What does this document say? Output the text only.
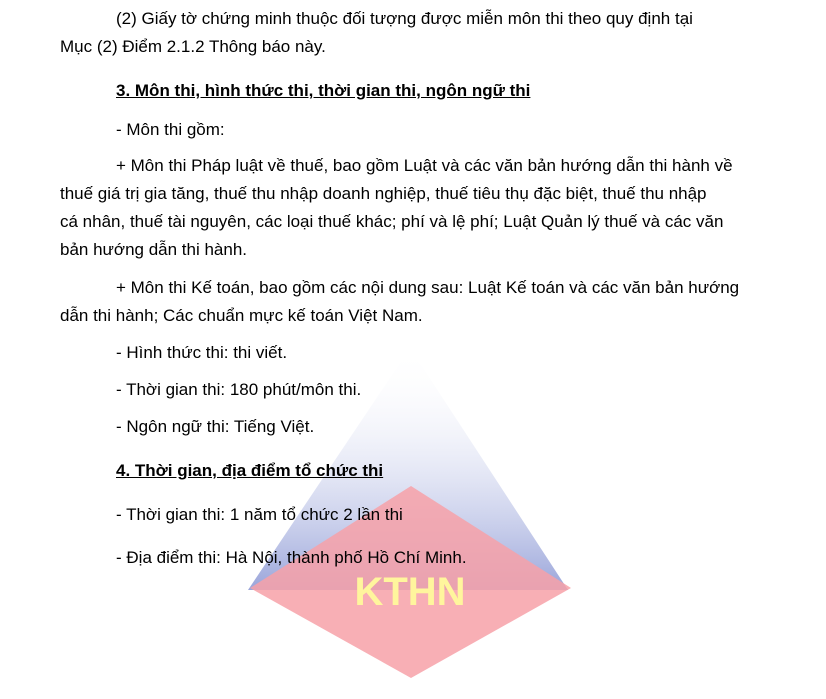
KTHN

(2) Giấy tờ chứng minh thuộc đối tượng được miễn môn thi theo quy định tại

Mục (2) Điểm 2.1.2 Thông báo này.

3. Môn thi, hình thức thi, thời gian thi, ngôn ngữ thi

- Môn thi gồm:

+ Môn thi Pháp luật về thuế, bao gồm Luật và các văn bản hướng dẫn thi hành về

thuế giá trị gia tăng, thuế thu nhập doanh nghiệp, thuế tiêu thụ đặc biệt, thuế thu nhập

cá nhân, thuế tài nguyên, các loại thuế khác; phí và lệ phí; Luật Quản lý thuế và các văn

bản hướng dẫn thi hành.

+ Môn thi Kế toán, bao gồm các nội dung sau: Luật Kế toán và các văn bản hướng

dẫn thi hành; Các chuẩn mực kế toán Việt Nam.

- Hình thức thi: thi viết.

- Thời gian thi: 180 phút/môn thi.

- Ngôn ngữ thi: Tiếng Việt.

4. Thời gian, địa điểm tổ chức thi

- Thời gian thi: 1 năm tổ chức 2 lần thi

- Địa điểm thi: Hà Nội, thành phố Hồ Chí Minh.
